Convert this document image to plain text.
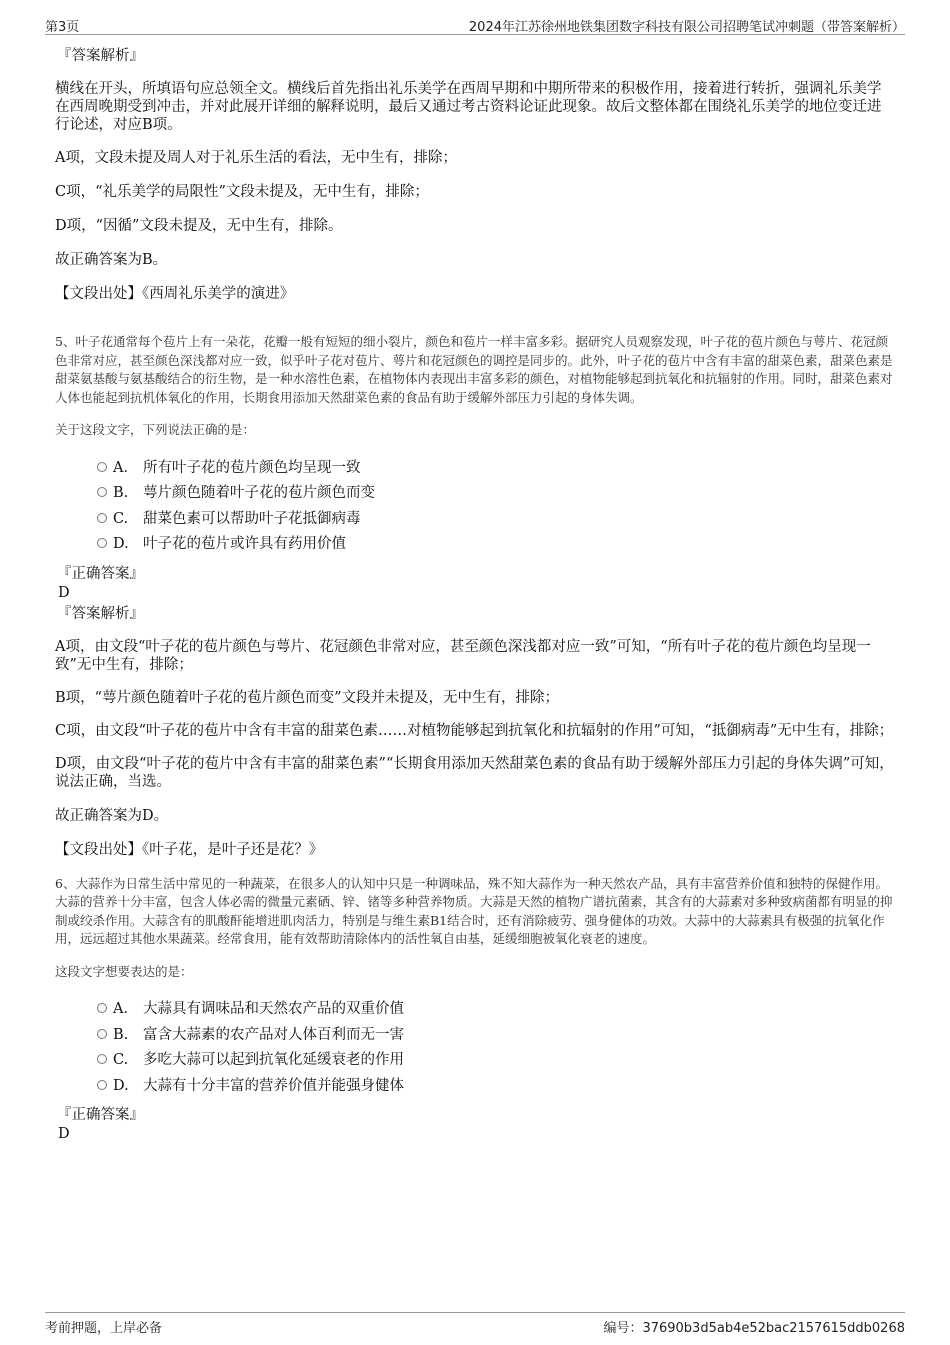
第3页	2024年江苏徐州地铁集团数字科技有限公司招聘笔试冲刺题（带答案解析）
『答案解析』

横线在开头，所填语句应总领全文。横线后首先指出礼乐美学在西周早期和中期所带来的积极作用，接着进行转折，强调礼乐美学在西周晚期受到冲击，并对此展开详细的解释说明，最后又通过考古资料论证此现象。故后文整体都在围绕礼乐美学的地位变迁进行论述，对应B项。

A项，文段未提及周人对于礼乐生活的看法，无中生有，排除；

C项，“礼乐美学的局限性”文段未提及，无中生有，排除；

D项，“因循”文段未提及，无中生有，排除。

故正确答案为B。

【文段出处】《西周礼乐美学的演进》

5、叶子花通常每个苞片上有一朵花，花瓣一般有短短的细小裂片，颜色和苞片一样丰富多彩。据研究人员观察发现，叶子花的苞片颜色与萼片、花冠颜色非常对应，甚至颜色深浅都对应一致，似乎叶子花对苞片、萼片和花冠颜色的调控是同步的。此外，叶子花的苞片中含有丰富的甜菜色素，甜菜色素是甜菜氨基酸与氨基酸结合的衍生物，是一种水溶性色素，在植物体内表现出丰富多彩的颜色，对植物能够起到抗氧化和抗辐射的作用。同时，甜菜色素对人体也能起到抗机体氧化的作用，长期食用添加天然甜菜色素的食品有助于缓解外部压力引起的身体失调。

关于这段文字，下列说法正确的是：

A． 所有叶子花的苞片颜色均呈现一致
B. 萼片颜色随着叶子花的苞片颜色而变
C. 甜菜色素可以帮助叶子花抵御病毒
D. 叶子花的苞片或许具有药用价值
『正确答案』
D
『答案解析』

A项，由文段“叶子花的苞片颜色与萼片、花冠颜色非常对应，甚至颜色深浅都对应一致”可知，“所有叶子花的苞片颜色均呈现一致”无中生有，排除；

B项，“萼片颜色随着叶子花的苞片颜色而变”文段并未提及，无中生有，排除；

C项，由文段“叶子花的苞片中含有丰富的甜菜色素……对植物能够起到抗氧化和抗辐射的作用”可知，“抵御病毒”无中生有，排除；

D项，由文段“叶子花的苞片中含有丰富的甜菜色素”“长期食用添加天然甜菜色素的食品有助于缓解外部压力引起的身体失调”可知，说法正确，当选。

故正确答案为D。

【文段出处】《叶子花，是叶子还是花？》

6、大蒜作为日常生活中常见的一种蔬菜，在很多人的认知中只是一种调味品，殊不知大蒜作为一种天然农产品，具有丰富营养价值和独特的保健作用。大蒜的营养十分丰富，包含人体必需的微量元素硒、锌、锗等多种营养物质。大蒜是天然的植物广谱抗菌素，其含有的大蒜素对多种致病菌都有明显的抑制或绞杀作用。大蒜含有的肌酸酐能增进肌肉活力，特别是与维生素B1结合时，还有消除疲劳、强身健体的功效。大蒜中的大蒜素具有极强的抗氧化作用，远远超过其他水果蔬菜。经常食用，能有效帮助清除体内的活性氧自由基，延缓细胞被氧化衰老的速度。

这段文字想要表达的是：

A． 大蒜具有调味品和天然农产品的双重价值
B. 富含大蒜素的农产品对人体百利而无一害
C. 多吃大蒜可以起到抗氧化延缓衰老的作用
D. 大蒜有十分丰富的营养价值并能强身健体
『正确答案』
D
考前押题，上岸必备	编号：37690b3d5ab4e52bac2157615ddb0268
